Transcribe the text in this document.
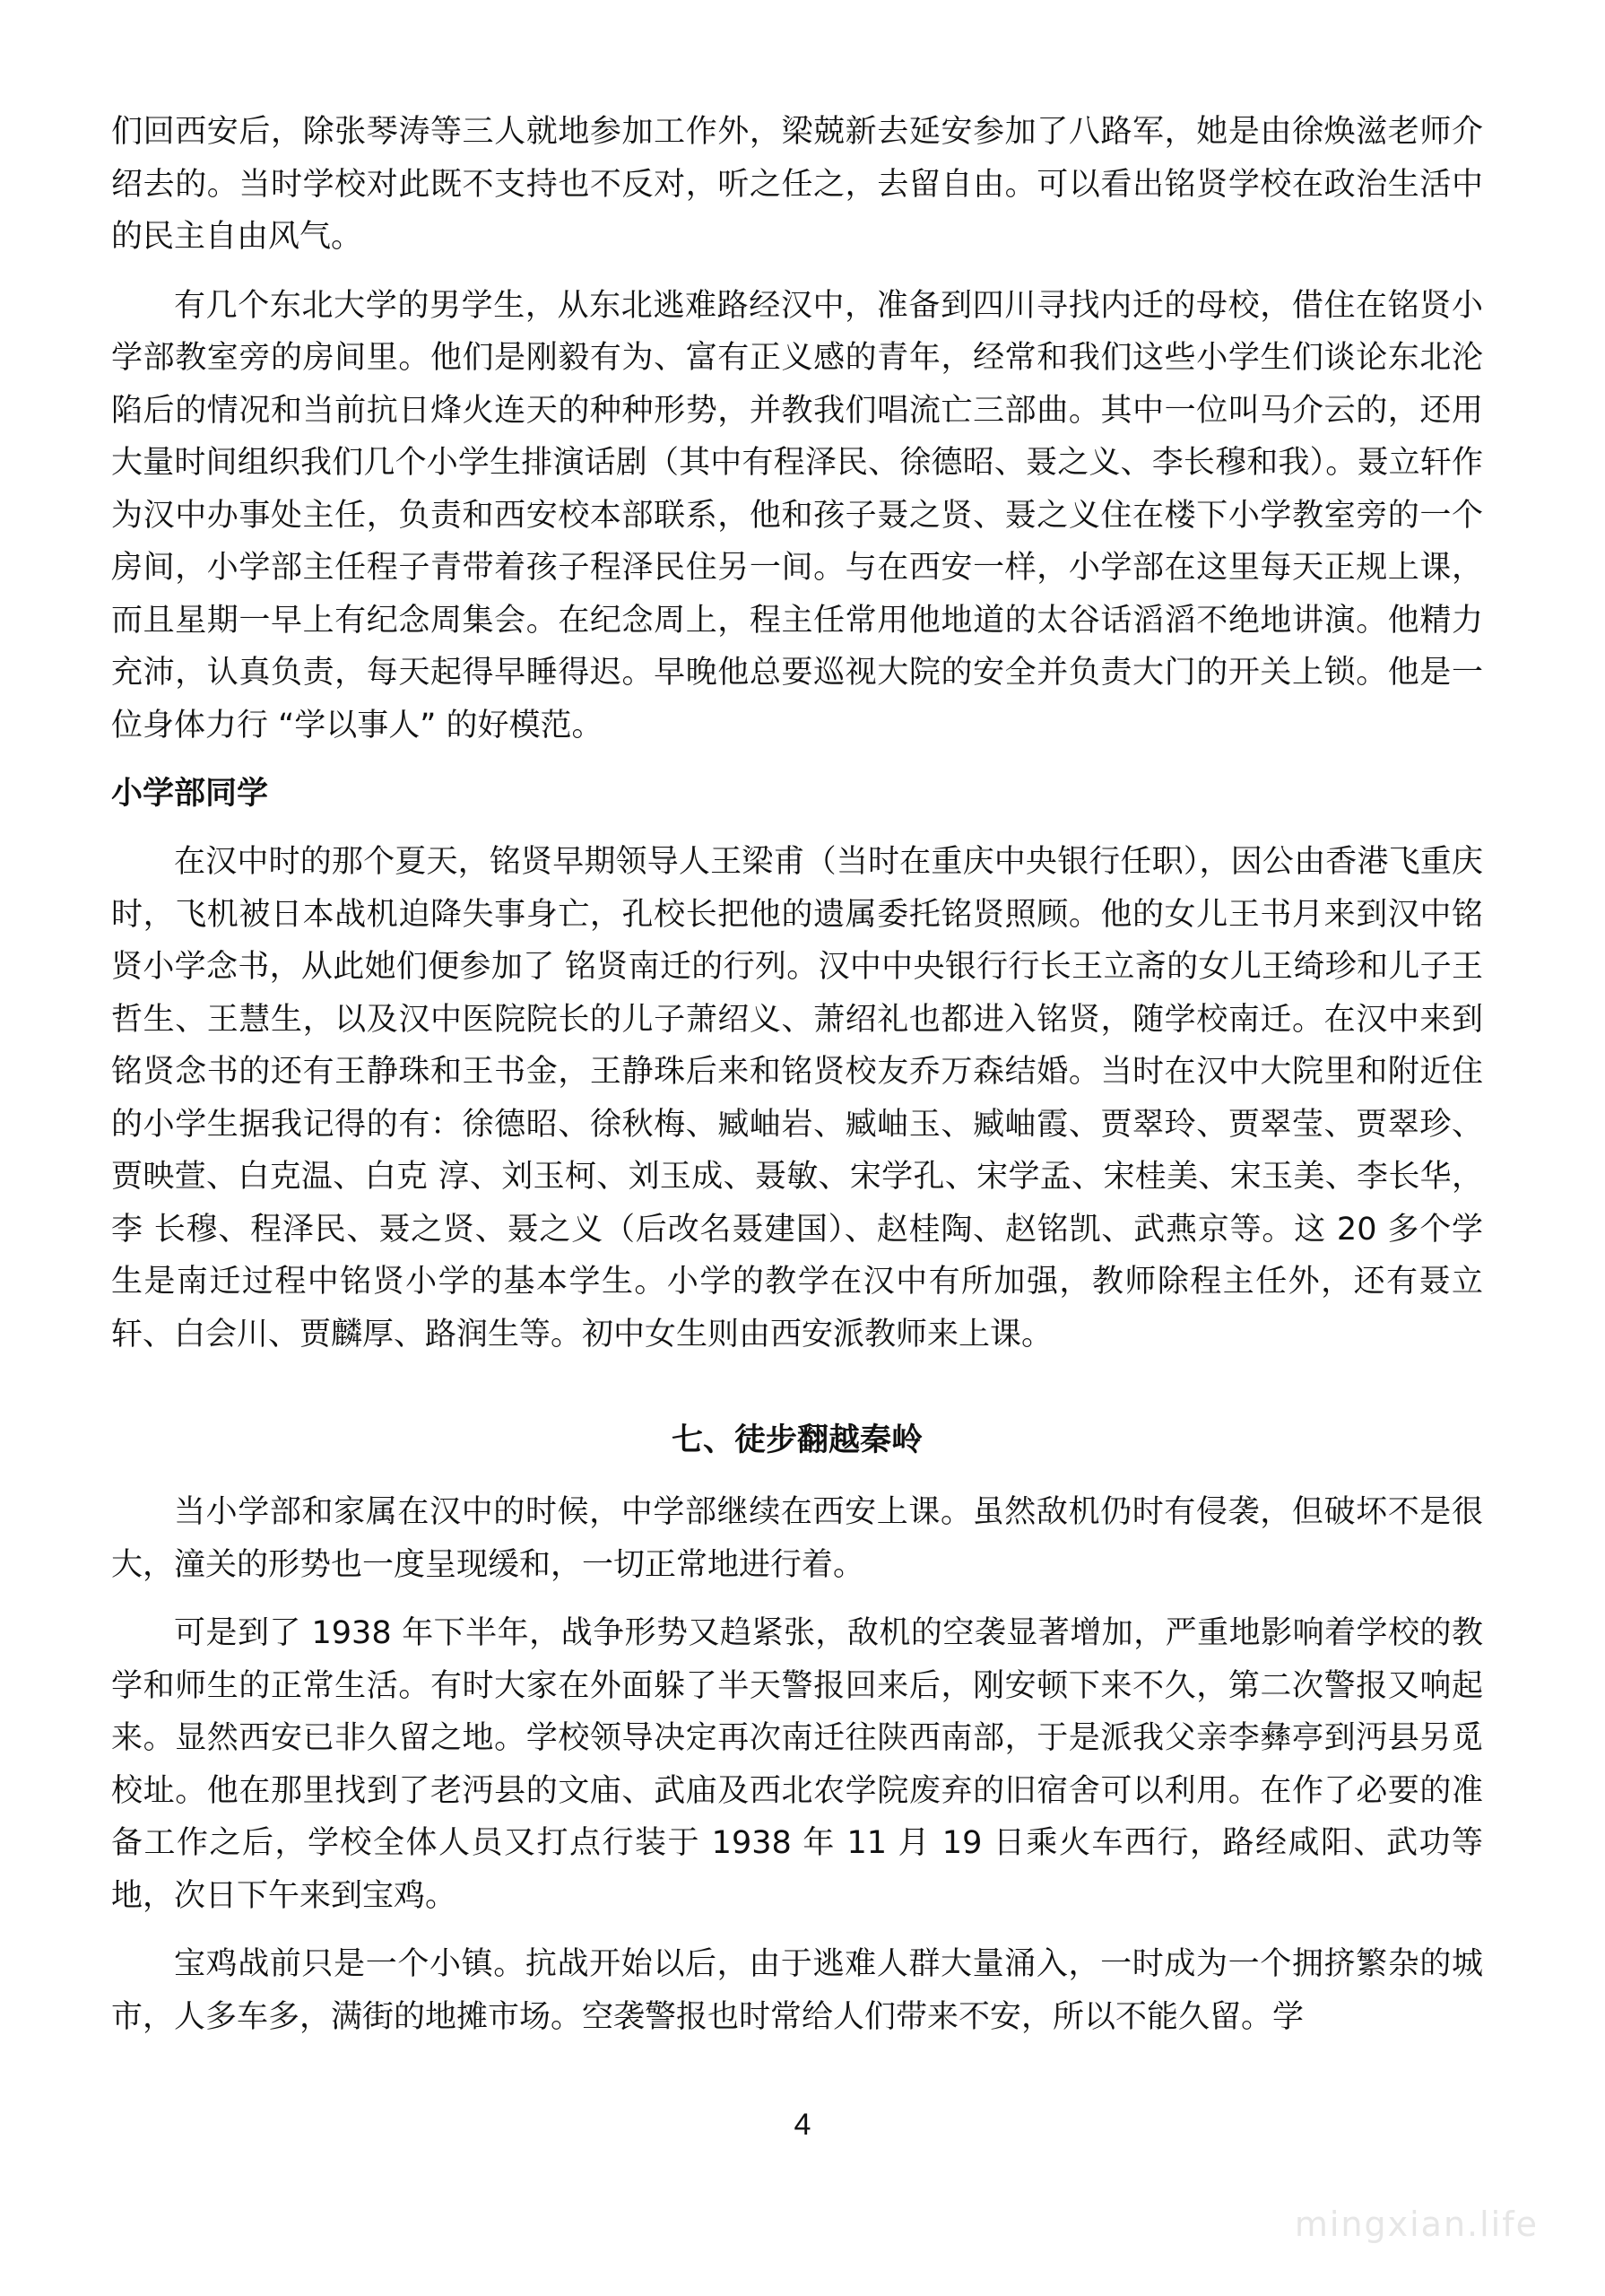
们回西安后，除张琴涛等三人就地参加工作外，梁兢新去延安参加了八路军，她是由徐焕滋老师介绍去的。当时学校对此既不支持也不反对，听之任之，去留自由。可以看出铭贤学校在政治生活中的民主自由风气。

有几个东北大学的男学生，从东北逃难路经汉中，准备到四川寻找内迁的母校，借住在铭贤小学部教室旁的房间里。他们是刚毅有为、富有正义感的青年，经常和我们这些小学生们谈论东北沦陷后的情况和当前抗日烽火连天的种种形势，并教我们唱流亡三部曲。其中一位叫马介云的，还用大量时间组织我们几个小学生排演话剧（其中有程泽民、徐德昭、聂之义、李长穆和我）。聂立轩作为汉中办事处主任，负责和西安校本部联系，他和孩子聂之贤、聂之义住在楼下小学教室旁的一个房间，小学部主任程子青带着孩子程泽民住另一间。与在西安一样，小学部在这里每天正规上课，而且星期一早上有纪念周集会。在纪念周上，程主任常用他地道的太谷话滔滔不绝地讲演。他精力充沛，认真负责，每天起得早睡得迟。早晚他总要巡视大院的安全并负责大门的开关上锁。他是一位身体力行 “学以事人” 的好模范。

小学部同学

在汉中时的那个夏天，铭贤早期领导人王梁甫（当时在重庆中央银行任职），因公由香港飞重庆时，飞机被日本战机迫降失事身亡，孔校长把他的遗属委托铭贤照顾。他的女儿王书月来到汉中铭贤小学念书，从此她们便参加了 铭贤南迁的行列。汉中中央银行行长王立斋的女儿王绮珍和儿子王哲生、王慧生，以及汉中医院院长的儿子萧绍义、萧绍礼也都进入铭贤，随学校南迁。在汉中来到铭贤念书的还有王静珠和王书金，王静珠后来和铭贤校友乔万森结婚。当时在汉中大院里和附近住的小学生据我记得的有：徐德昭、徐秋梅、臧岫岩、臧岫玉、臧岫霞、贾翠玲、贾翠莹、贾翠珍、贾映萱、白克温、白克 淳、刘玉柯、刘玉成、聂敏、宋学孔、宋学孟、宋桂美、宋玉美、李长华，李 长穆、程泽民、聂之贤、聂之义（后改名聂建国）、赵桂陶、赵铭凯、武燕京等。这 20 多个学生是南迁过程中铭贤小学的基本学生。小学的教学在汉中有所加强，教师除程主任外，还有聂立轩、白会川、贾麟厚、路润生等。初中女生则由西安派教师来上课。

七、徒步翻越秦岭

当小学部和家属在汉中的时候，中学部继续在西安上课。虽然敌机仍时有侵袭，但破坏不是很大，潼关的形势也一度呈现缓和，一切正常地进行着。

可是到了 1938 年下半年，战争形势又趋紧张，敌机的空袭显著增加，严重地影响着学校的教学和师生的正常生活。有时大家在外面躲了半天警报回来后，刚安顿下来不久，第二次警报又响起来。显然西安已非久留之地。学校领导决定再次南迁往陕西南部，于是派我父亲李彝亭到沔县另觅校址。他在那里找到了老沔县的文庙、武庙及西北农学院废弃的旧宿舍可以利用。在作了必要的准备工作之后，学校全体人员又打点行装于 1938 年 11 月 19 日乘火车西行，路经咸阳、武功等地，次日下午来到宝鸡。

宝鸡战前只是一个小镇。抗战开始以后，由于逃难人群大量涌入，一时成为一个拥挤繁杂的城市，人多车多，满街的地摊市场。空袭警报也时常给人们带来不安，所以不能久留。学

4
mingxian.life
